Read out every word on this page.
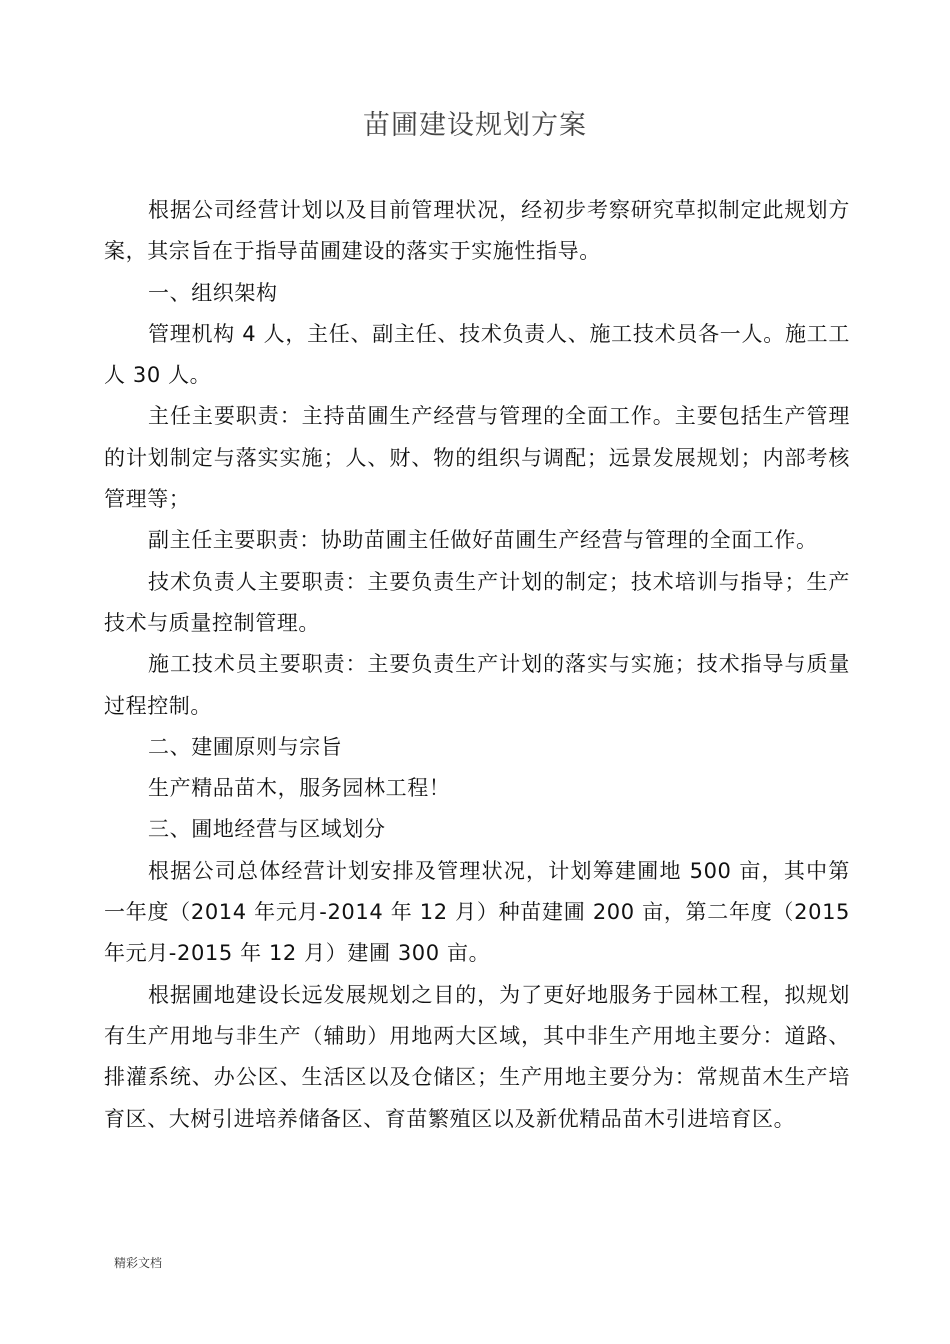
苗圃建设规划方案

根据公司经营计划以及目前管理状况，经初步考察研究草拟制定此规划方案，其宗旨在于指导苗圃建设的落实于实施性指导。

一、组织架构

管理机构 4 人，主任、副主任、技术负责人、施工技术员各一人。施工工人 30 人。

主任主要职责：主持苗圃生产经营与管理的全面工作。主要包括生产管理的计划制定与落实实施；人、财、物的组织与调配；远景发展规划；内部考核管理等；

副主任主要职责：协助苗圃主任做好苗圃生产经营与管理的全面工作。

技术负责人主要职责：主要负责生产计划的制定；技术培训与指导；生产技术与质量控制管理。

施工技术员主要职责：主要负责生产计划的落实与实施；技术指导与质量过程控制。

二、建圃原则与宗旨

生产精品苗木，服务园林工程！

三、圃地经营与区域划分

根据公司总体经营计划安排及管理状况，计划筹建圃地 500 亩，其中第一年度（2014 年元月-2014 年 12 月）种苗建圃 200 亩，第二年度（2015 年元月-2015 年 12 月）建圃 300 亩。

根据圃地建设长远发展规划之目的，为了更好地服务于园林工程，拟规划有生产用地与非生产（辅助）用地两大区域，其中非生产用地主要分：道路、排灌系统、办公区、生活区以及仓储区；生产用地主要分为：常规苗木生产培育区、大树引进培养储备区、育苗繁殖区以及新优精品苗木引进培育区。

精彩文档
